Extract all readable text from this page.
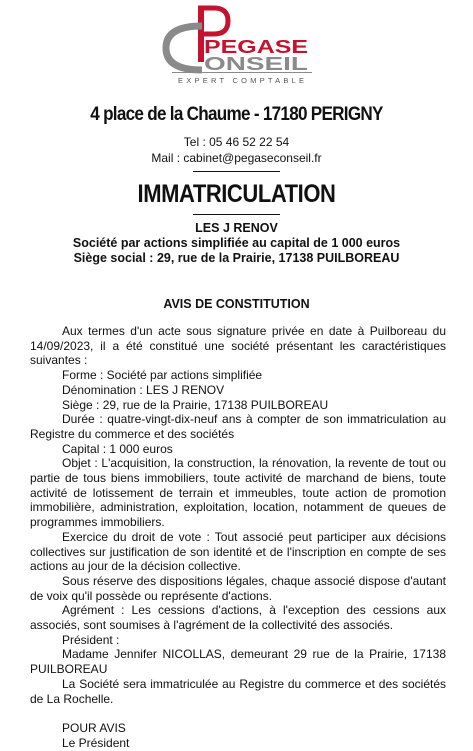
PEGASE
ONSEIL
EXPERT COMPTABLE
4 place de la Chaume - 17180 PERIGNY
Tel : 05 46 52 22 54
Mail : cabinet@pegaseconseil.fr
IMMATRICULATION
LES J RENOV
Société par actions simplifiée au capital de 1 000 euros
Siège social : 29, rue de la Prairie, 17138 PUILBOREAU
AVIS DE CONSTITUTION

Aux termes d'un acte sous signature privée en date à Puilboreau du 14/09/2023, il a été constitué une société présentant les caractéristiques suivantes :

Forme : Société par actions simplifiée

Dénomination : LES J RENOV

Siège : 29, rue de la Prairie, 17138 PUILBOREAU

Durée : quatre-vingt-dix-neuf ans à compter de son immatriculation au Registre du commerce et des sociétés

Capital : 1 000 euros

Objet : L'acquisition, la construction, la rénovation, la revente de tout ou partie de tous biens immobiliers, toute activité de marchand de biens, toute activité de lotissement de terrain et immeubles, toute action de promotion immobilière, administration, exploitation, location, notamment de queues de programmes immobiliers.

Exercice du droit de vote : Tout associé peut participer aux décisions collectives sur justification de son identité et de l'inscription en compte de ses actions au jour de la décision collective.

Sous réserve des dispositions légales, chaque associé dispose d'autant de voix qu'il possède ou représente d'actions.

Agrément : Les cessions d'actions, à l'exception des cessions aux associés, sont soumises à l'agrément de la collectivité des associés.

Président :

Madame Jennifer NICOLLAS, demeurant 29 rue de la Prairie, 17138 PUILBOREAU

La Société sera immatriculée au Registre du commerce et des sociétés de La Rochelle.

POUR AVIS

Le Président
